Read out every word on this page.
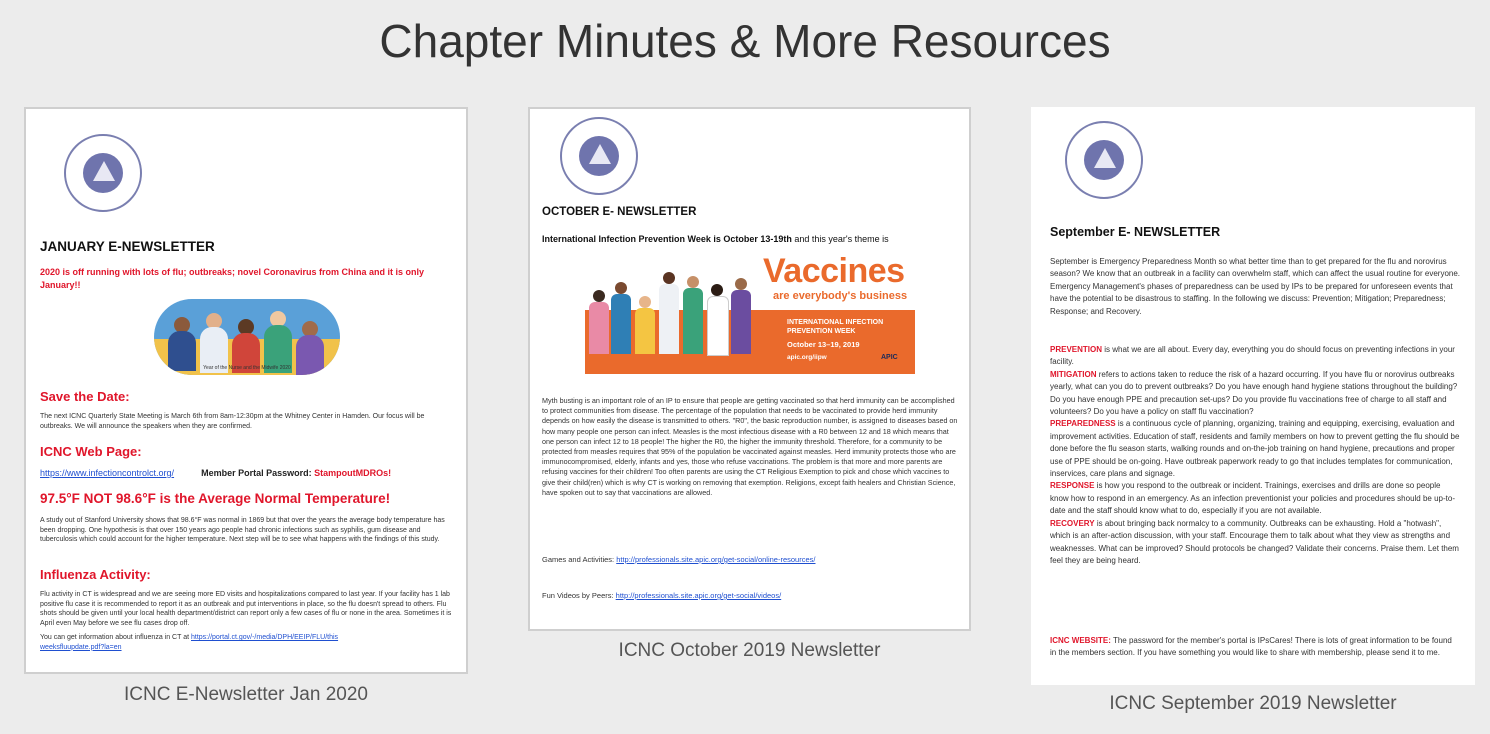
Chapter Minutes & More Resources
JANUARY E-NEWSLETTER
2020 is off running with lots of flu; outbreaks; novel Coronavirus from China and it is only January!!
Year of the Nurse and the Midwife 2020
Save the Date:
The next ICNC Quarterly State Meeting is March 6th from 8am-12:30pm at the Whitney Center in Hamden. Our focus will be outbreaks. We will announce the speakers when they are confirmed.
ICNC Web Page:
https://www.infectioncontrolct.org/	Member Portal Password: StampoutMDROs!
97.5°F NOT 98.6°F is the Average Normal Temperature!
A study out of Stanford University shows that 98.6°F was normal in 1869 but that over the years the average body temperature has been dropping. One hypothesis is that over 150 years ago people had chronic infections such as syphilis, gum disease and tuberculosis which could account for the higher temperature. Next step will be to see what happens with the findings of this study.
Influenza Activity:
Flu activity in CT is widespread and we are seeing more ED visits and hospitalizations compared to last year. If your facility has 1 lab positive flu case it is recommended to report it as an outbreak and put interventions in place, so the flu doesn't spread to others. Flu shots should be given until your local health department/district can report only a few cases of flu or none in the area. Sometimes it is April even May before we see flu cases drop off.
You can get information about influenza in CT at https://portal.ct.gov/-/media/DPH/EEIP/FLU/thisweeksfluupdate.pdf?la=en
ICNC E-Newsletter Jan 2020
OCTOBER E- NEWSLETTER
International Infection Prevention Week is October 13-19th and this year's theme is
Vaccines
are everybody's business
INTERNATIONAL INFECTION PREVENTION WEEK
October 13–19, 2019
apic.org/iipw	APIC
Myth busting is an important role of an IP to ensure that people are getting vaccinated so that herd immunity can be accomplished to protect communities from disease. The percentage of the population that needs to be vaccinated to provide herd immunity depends on how easily the disease is transmitted to others. "R0", the basic reproduction number, is assigned to diseases based on how many people one person can infect. Measles is the most infectious disease with a R0 between 12 and 18 which means that one person can infect 12 to 18 people! The higher the R0, the higher the immunity threshold. Therefore, for a community to be protected from measles requires that 95% of the population be vaccinated against measles. Herd immunity protects those who are immunocompromised, elderly, infants and yes, those who refuse vaccinations. The problem is that more and more parents are refusing vaccines for their children! Too often parents are using the CT Religious Exemption to pick and chose which vaccines to give their child(ren) which is why CT is working on removing that exemption. Religions, except faith healers and Christian Science, have spoken out to say that vaccinations are allowed.
Games and Activities: http://professionals.site.apic.org/get-social/online-resources/
Fun Videos by Peers: http://professionals.site.apic.org/get-social/videos/
ICNC October 2019 Newsletter
September E- NEWSLETTER
September is Emergency Preparedness Month so what better time than to get prepared for the flu and norovirus season? We know that an outbreak in a facility can overwhelm staff, which can affect the usual routine for everyone. Emergency Management's phases of preparedness can be used by IPs to be prepared for unforeseen events that have the potential to be disastrous to staffing. In the following we discuss: Prevention; Mitigation; Preparedness; Response; and Recovery.
PREVENTION is what we are all about. Every day, everything you do should focus on preventing infections in your facility.
MITIGATION refers to actions taken to reduce the risk of a hazard occurring. If you have flu or norovirus outbreaks yearly, what can you do to prevent outbreaks? Do you have enough hand hygiene stations throughout the building? Do you have enough PPE and precaution set-ups? Do you provide flu vaccinations free of charge to all staff and volunteers? Do you have a policy on staff flu vaccination?
PREPAREDNESS is a continuous cycle of planning, organizing, training and equipping, exercising, evaluation and improvement activities. Education of staff, residents and family members on how to prevent getting the flu should be done before the flu season starts, walking rounds and on-the-job training on hand hygiene, precautions and proper use of PPE should be on-going. Have outbreak paperwork ready to go that includes templates for communication, inservices, care plans and signage.
RESPONSE is how you respond to the outbreak or incident. Trainings, exercises and drills are done so people know how to respond in an emergency. As an infection preventionist your policies and procedures should be up-to-date and the staff should know what to do, especially if you are not available.
RECOVERY is about bringing back normalcy to a community. Outbreaks can be exhausting. Hold a "hotwash", which is an after-action discussion, with your staff. Encourage them to talk about what they view as strengths and weaknesses. What can be improved? Should protocols be changed? Validate their concerns. Praise them. Let them feel they are being heard.
ICNC WEBSITE: The password for the member's portal is IPsCares! There is lots of great information to be found in the members section. If you have something you would like to share with membership, please send it to me.
ICNC September 2019 Newsletter
